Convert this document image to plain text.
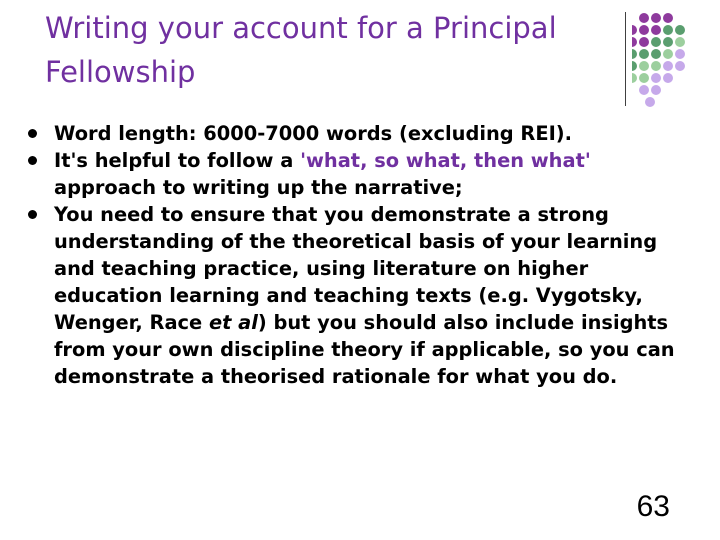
Writing your account for a Principal Fellowship
Word length: 6000-7000 words (excluding REI).
It's helpful to follow a 'what, so what, then what' approach to writing up the narrative;
You need to ensure that you demonstrate a strong understanding of the theoretical basis of your learning and teaching practice, using literature on higher education learning and teaching texts (e.g. Vygotsky, Wenger, Race et al) but you should also include insights from your own discipline theory if applicable, so you can demonstrate a theorised rationale for what you do.
63
